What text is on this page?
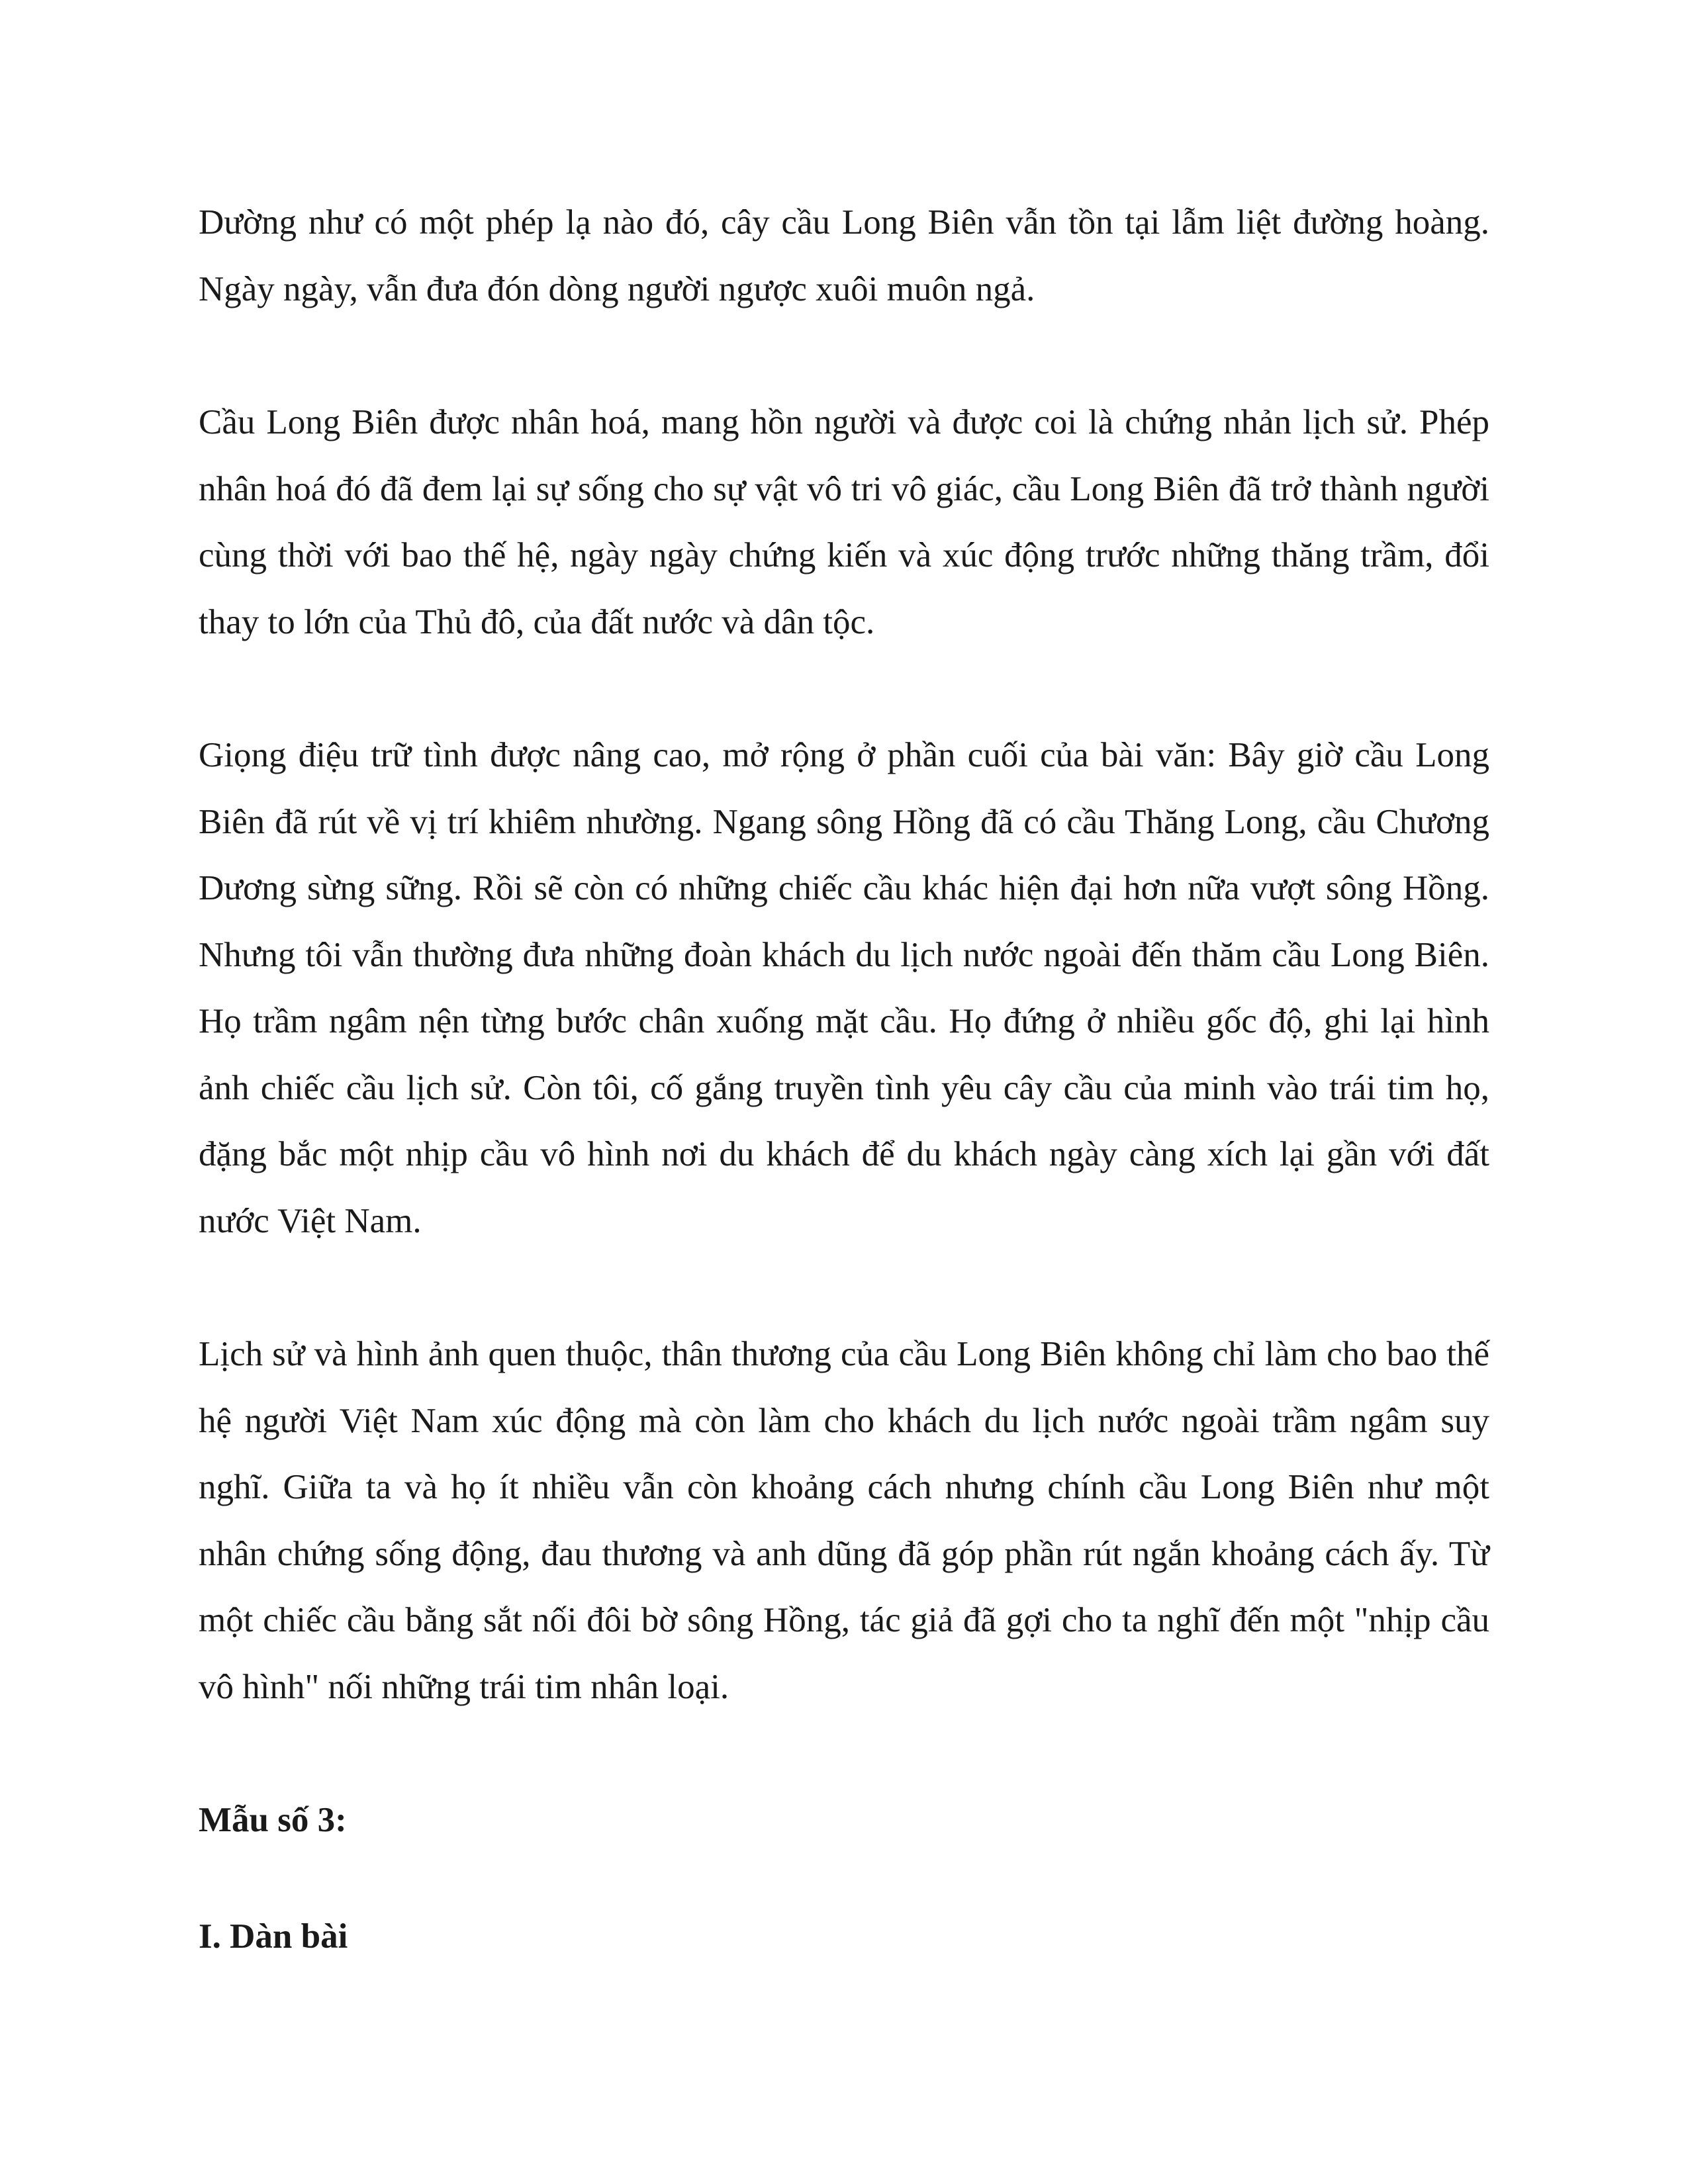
Dường như có một phép lạ nào đó, cây cầu Long Biên vẫn tồn tại lẫm liệt đường hoàng. Ngày ngày, vẫn đưa đón dòng người ngược xuôi muôn ngả.

Cầu Long Biên được nhân hoá, mang hồn người và được coi là chứng nhản lịch sử. Phép nhân hoá đó đã đem lại sự sống cho sự vật vô tri vô giác, cầu Long Biên đã trở thành người cùng thời với bao thế hệ, ngày ngày chứng kiến và xúc động trước những thăng trầm, đổi thay to lớn của Thủ đô, của đất nước và dân tộc.

Giọng điệu trữ tình được nâng cao, mở rộng ở phần cuối của bài văn: Bây giờ cầu Long Biên đã rút về vị trí khiêm nhường. Ngang sông Hồng đã có cầu Thăng Long, cầu Chương Dương sừng sững. Rồi sẽ còn có những chiếc cầu khác hiện đại hơn nữa vượt sông Hồng. Nhưng tôi vẫn thường đưa những đoàn khách du lịch nước ngoài đến thăm cầu Long Biên. Họ trầm ngâm nện từng bước chân xuống mặt cầu. Họ đứng ở nhiều gốc độ, ghi lại hình ảnh chiếc cầu lịch sử. Còn tôi, cố gắng truyền tình yêu cây cầu của minh vào trái tim họ, đặng bắc một nhịp cầu vô hình nơi du khách để du khách ngày càng xích lại gần với đất nước Việt Nam.

Lịch sử và hình ảnh quen thuộc, thân thương của cầu Long Biên không chỉ làm cho bao thế hệ người Việt Nam xúc động mà còn làm cho khách du lịch nước ngoài trầm ngâm suy nghĩ. Giữa ta và họ ít nhiều vẫn còn khoảng cách nhưng chính cầu Long Biên như một nhân chứng sống động, đau thương và anh dũng đã góp phần rút ngắn khoảng cách ấy. Từ một chiếc cầu bằng sắt nối đôi bờ sông Hồng, tác giả đã gợi cho ta nghĩ đến một "nhịp cầu vô hình" nối những trái tim nhân loại.

Mẫu số 3:

I. Dàn bài
